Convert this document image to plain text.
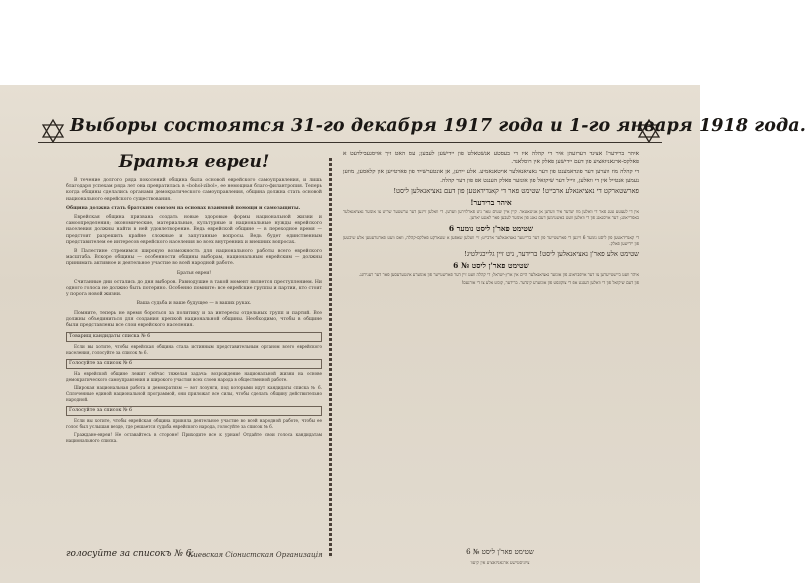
Выборы состоятся 31-го декабря 1917 года и 1-го января 1918 года.
Братья евреи!

В течение долгого ряда поколений община была основой еврейского самоуправления, и лишь благодаря успехам ряда лет она превратилась в «bohol-zibol», ее немощная благо-филантропия. Теперь когда общины сделались органами демократического самоуправления, община должна стать основой национального еврейского существования.

Община должна стать братским союзом на основах взаимной помощи и самозащиты.

Еврейская община призвана создать новые здоровые формы национальной жизни и самоопределения; экономические, материальные, культурные и национальные нужды еврейского населения должны найти в ней удовлетворение. Ведь еврейской общине — в переходное время — предстоит разрешить крайне сложные и запутанные вопросы. Ведь будет единственным представителем ее интересов еврейского населения во всех внутренних и внешних вопросах.

В Палестине стремимся широкую возможность для национального работы всего еврейского масштаба. Вскоре общины — особенности общины выборам, национальным еврейским — должны принимать активное и деятельное участие во всей народной работе.

Братья евреи!

Считанные дни остались до дня выборов. Равнодушие в такой момент является преступлением. Ни одного голоса не должно быть потеряно. Особенно помните: все еврейские группы и партии, кто стоит у порога новой жизни.

Ваша судьба и ваше будущее — в ваших руках.

Помните, теперь не время бороться за политику и за интересы отдельных групп и партий. Все должны объединиться для создания крепкой национальной общины. Необходимо, чтобы в общине были представлены все слои еврейского населения.

Товарищ кандидаты списка № 6

Если вы хотите, чтобы еврейская община стала истинным представительным органом всего еврейского населения, голосуйте за список № 6.

Голосуйте за список № 6

На еврейской общине лежит сейчас тяжелая задача: возрождение национальной жизни на основе демократического самоуправления и широкого участия всех слоев народа в общественной работе.

Широкая национальная работа и демократизм — вот лозунги, под которыми идут кандидаты списка № 6. Сплоченные единой национальной программой, они приложат все силы, чтобы сделать общину действительно народной.

Голосуйте за список № 6

Если вы хотите, чтобы еврейская община приняла деятельное участие во всей народной работе, чтобы ее голос был услышан везде, где решается судьба еврейского народа, голосуйте за список № 6.

Граждане-евреи! Не оставайтесь в стороне! Приходите все к урнам! Отдайте свои голоса кандидатам национального списка.

голосуйте за списокъ № 6.
Киевская Сіонистская Организація

איהר ברידער! אצינד דערזעהן איר די קהלה איז די בעסטע אנשטאלט פון יידישען לעבען; עס האט זיך אויסגעבילדעט א פאלקס-ארגאניזאציע פון דעם יידישען פאלק אין רוסלאנד.

די קהלה מוז ווערען דער פונדאמענט פון דער נאציאנאלער אויטאנאמיע. אלע יידען, אן אונטערשייד פון פארטייען און קלאסען, מוזען נעמען אנטייל אין די וואלען, ווייל דער שיקזאל פון אונזער פאלק הענגט אפ פון דער קהלה.

פארשטארקט די נאציאנאלע ארבייט! שטימט פאר די קאנדידאטען פון דעם נאציאנאלען ליסט!

איהר ברידער!

אין די לעצטע טעג פאר די וואלען מוז יעדער איד ווערען אן אגיטאטאר. קיין איין שטים טאר ניט פארלוירען ווערען. די וואלען זיינען דער ערשטער שריט צו אונזער נאציאנאלער באפרייאונג; דער אויסגאנג פון די וואלען וועט באשטימען דעם גאנג פון אונזער לעבען פאר לאנגע יארען.

שטימט פאר'ן ליסט נומער 6

די קאנדידאטען פון ליסט נומער 6 זיינען די פארשטייער פון דער ברייטער נאציאנאלער ארבייט; זיי וועלען שאפען א שטארקע פאלקס-קהלה, וואס וועט פארטרעטען אלע שיכטען פון יידישען פאלק.

שטימט אלע פאר'ן נאציאנאלען ליסט! ברידער, ניט זיין גלייכגילטיג!

שטימט פאר'ן ליסט № 6

איהר וועט ביישטייערען צו דער אויפבויאונג פון אונזער נאציאנאלער היים אין ארץ-ישראל; די קהלה וועט זיין דער פארשטייער פון אונזערע אינטערעסען פאר דער רעגירונג.

פון דעם שיקזאל פון די וואלען הענגט אפ די צוקונפט פון אונזערע קינדער. ברידער, קומט אלע צו די אורנעס!

שטימט פאר'ן ליסט № 6
ציוניסטישע ארגאניזאציע אין קיעוו
